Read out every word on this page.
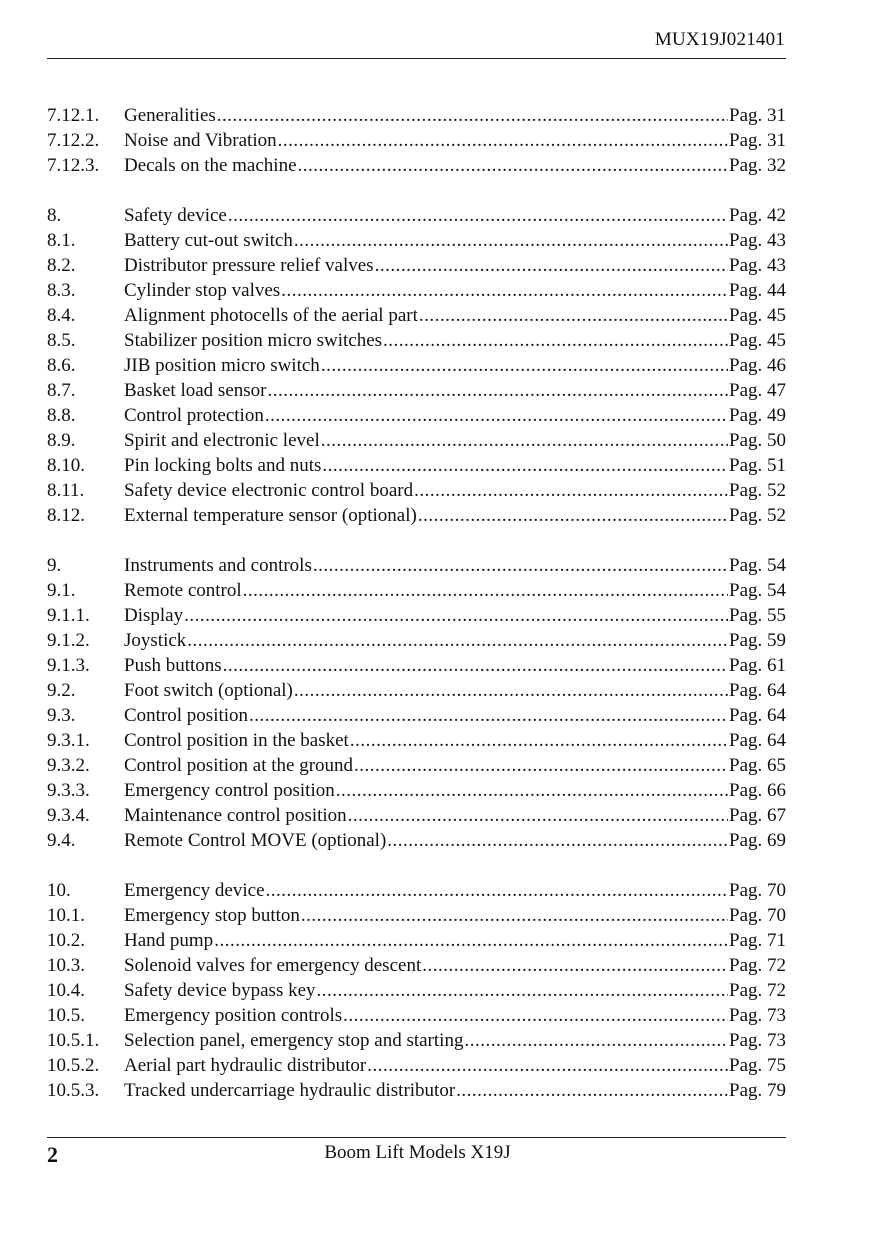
MUX19J021401
7.12.1.	Generalities .....	Pag. 31
7.12.2.	Noise and Vibration .....	Pag. 31
7.12.3.	Decals on the machine .....	Pag. 32
8.	Safety device .....	Pag. 42
8.1.	Battery cut-out switch .....	Pag. 43
8.2.	Distributor pressure relief valves .....	Pag. 43
8.3.	Cylinder stop valves .....	Pag. 44
8.4.	Alignment photocells of the aerial part .....	Pag. 45
8.5.	Stabilizer position micro switches .....	Pag. 45
8.6.	JIB position micro switch .....	Pag. 46
8.7.	Basket load sensor .....	Pag. 47
8.8.	Control protection .....	Pag. 49
8.9.	Spirit and electronic level .....	Pag. 50
8.10.	Pin locking bolts and nuts .....	Pag. 51
8.11.	Safety device electronic control board .....	Pag. 52
8.12.	External temperature sensor (optional) .....	Pag. 52
9.	Instruments and controls .....	Pag. 54
9.1.	Remote control .....	Pag. 54
9.1.1.	Display .....	Pag. 55
9.1.2.	Joystick .....	Pag. 59
9.1.3.	Push buttons .....	Pag. 61
9.2.	Foot switch (optional) .....	Pag. 64
9.3.	Control position .....	Pag. 64
9.3.1.	Control position in the basket .....	Pag. 64
9.3.2.	Control position at the ground .....	Pag. 65
9.3.3.	Emergency control position .....	Pag. 66
9.3.4.	Maintenance control position .....	Pag. 67
9.4.	Remote Control MOVE (optional) .....	Pag. 69
10.	Emergency device .....	Pag. 70
10.1.	Emergency stop button .....	Pag. 70
10.2.	Hand pump .....	Pag. 71
10.3.	Solenoid valves for emergency descent .....	Pag. 72
10.4.	Safety device bypass key .....	Pag. 72
10.5.	Emergency position controls .....	Pag. 73
10.5.1.	Selection panel, emergency stop and starting .....	Pag. 73
10.5.2.	Aerial part hydraulic distributor .....	Pag. 75
10.5.3.	Tracked undercarriage hydraulic distributor .....	Pag. 79
2	Boom Lift Models X19J
